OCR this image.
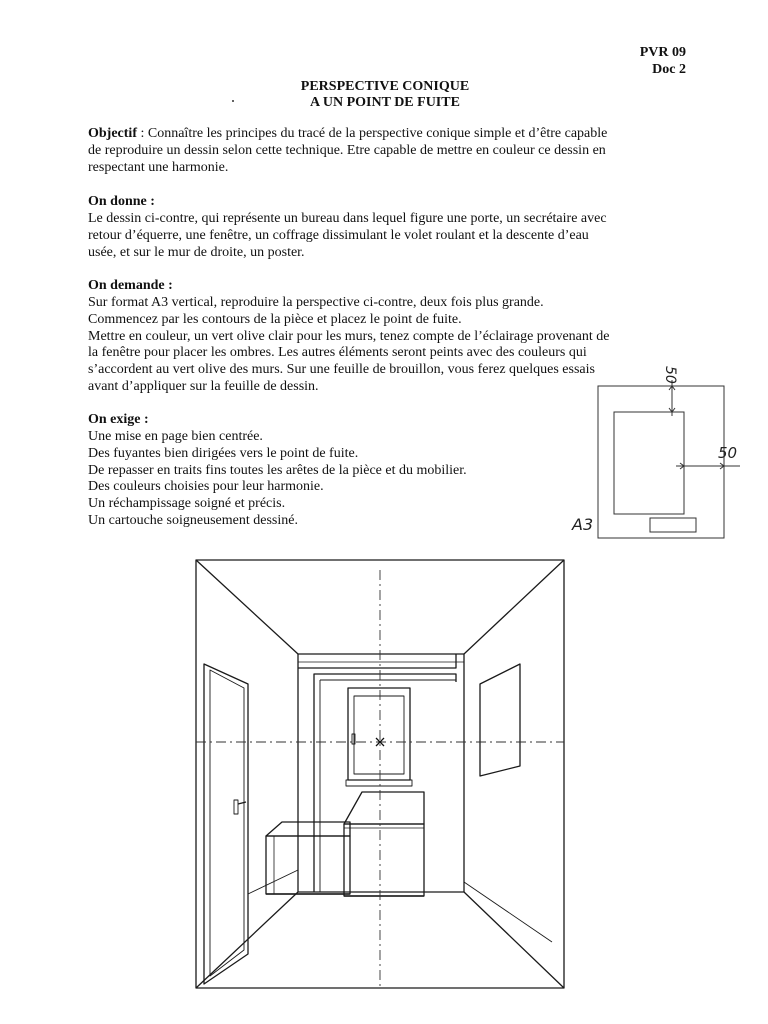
PVR 09
Doc 2
PERSPECTIVE CONIQUE
A UN POINT DE FUITE
Objectif : Connaître les principes du tracé de la perspective conique simple et d’être capable
de reproduire un dessin selon cette technique. Etre capable de mettre en couleur ce dessin en
respectant une harmonie.
On donne :
Le dessin ci-contre, qui représente un bureau dans lequel figure une porte, un secrétaire avec
retour d’équerre, une fenêtre, un coffrage dissimulant le volet roulant et la descente d’eau
usée, et sur le mur de droite, un poster.
On demande :
Sur format A3 vertical, reproduire la perspective ci-contre, deux fois plus grande.
Commencez par les contours de la pièce et placez le point de fuite.
Mettre en couleur, un vert olive clair pour les murs, tenez compte de l’éclairage provenant de
la fenêtre pour placer les ombres. Les autres éléments seront peints avec des couleurs qui
s’accordent au vert olive des murs. Sur une feuille de brouillon, vous ferez quelques essais
avant d’appliquer sur la feuille de dessin.
On exige :
Une mise en page bien centrée.
Des fuyantes bien dirigées vers le point de fuite.
De repasser en traits fins toutes les arêtes de la pièce et du mobilier.
Des couleurs choisies pour leur harmonie.
Un réchampissage soigné et précis.
Un cartouche soigneusement dessiné.
50
50
A3
